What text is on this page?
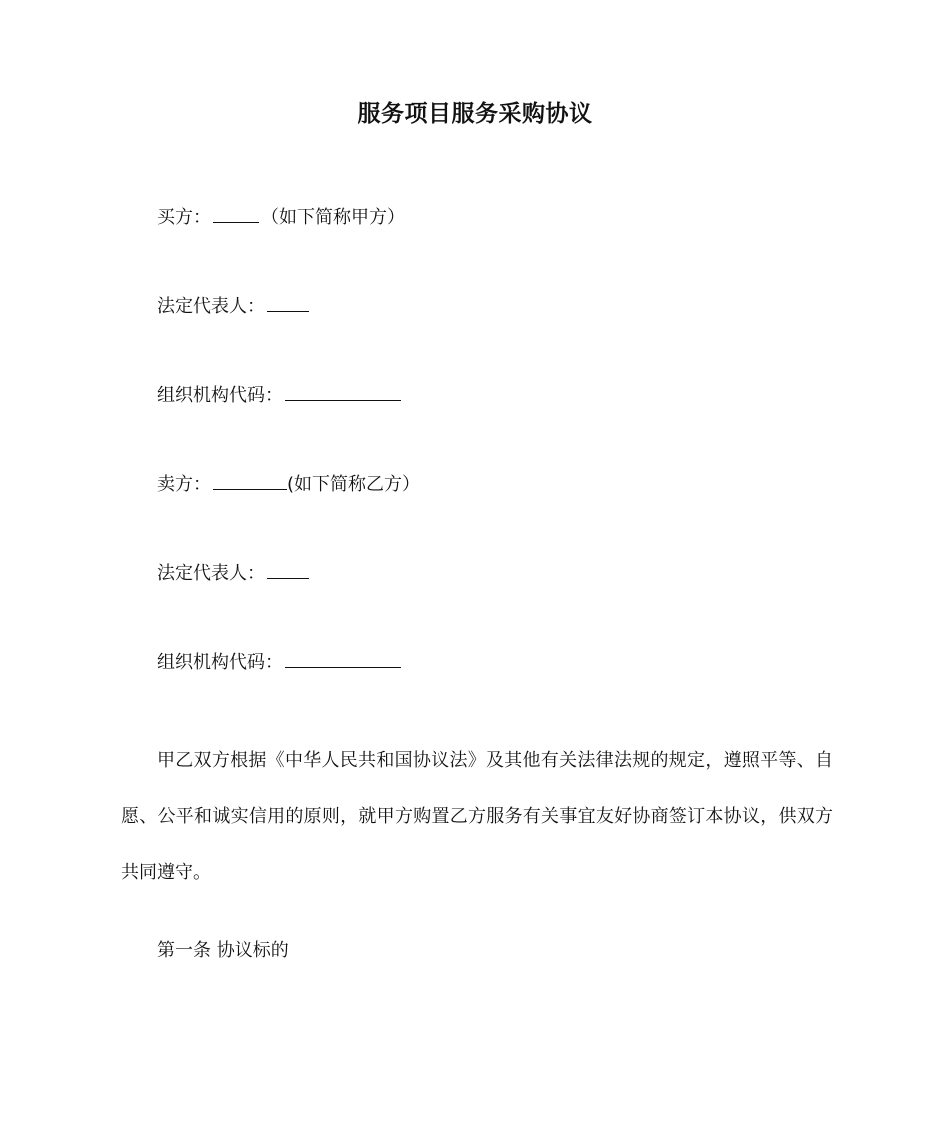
服务项目服务采购协议
买方：	（如下简称甲方）
法定代表人：
组织机构代码：
卖方：	(如下简称乙方）
法定代表人：
组织机构代码：
甲乙双方根据《中华人民共和国协议法》及其他有关法律法规的规定，遵照平等、自愿、公平和诚实信用的原则，就甲方购置乙方服务有关事宜友好协商签订本协议，供双方共同遵守。
第一条 协议标的
